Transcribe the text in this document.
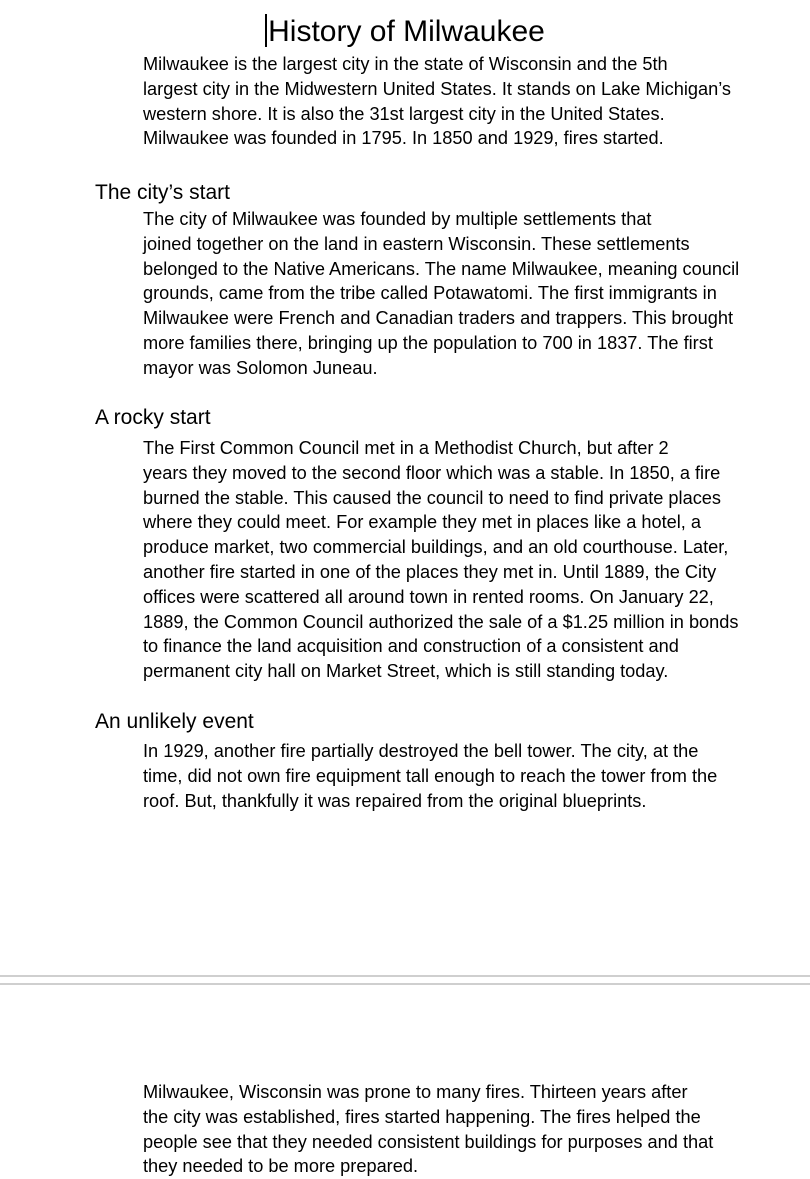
History of Milwaukee

Milwaukee is the largest city in the state of Wisconsin and the 5th
largest city in the Midwestern United States. It stands on Lake Michigan’s
western shore. It is also the 31st largest city in the United States.
Milwaukee was founded in 1795. In 1850 and 1929, fires started.

The city’s start

The city of Milwaukee was founded by multiple settlements that
joined together on the land in eastern Wisconsin. These settlements
belonged to the Native Americans. The name Milwaukee, meaning council
grounds, came from the tribe called Potawatomi. The first immigrants in
Milwaukee were French and Canadian traders and trappers. This brought
more families there, bringing up the population to 700 in 1837. The first
mayor was Solomon Juneau.

A rocky start

The First Common Council met in a Methodist Church, but after 2
years they moved to the second floor which was a stable. In 1850, a fire
burned the stable. This caused the council to need to find private places
where they could meet. For example they met in places like a hotel, a
produce market, two commercial buildings, and an old courthouse. Later,
another fire started in one of the places they met in. Until 1889, the City
offices were scattered all around town in rented rooms. On January 22,
1889, the Common Council authorized the sale of a $1.25 million in bonds
to finance the land acquisition and construction of a consistent and
permanent city hall on Market Street, which is still standing today.

An unlikely event

In 1929, another fire partially destroyed the bell tower. The city, at the
time, did not own fire equipment tall enough to reach the tower from the
roof. But, thankfully it was repaired from the original blueprints.

Milwaukee, Wisconsin was prone to many fires. Thirteen years after
the city was established, fires started happening. The fires helped the
people see that they needed consistent buildings for purposes and that
they needed to be more prepared.
